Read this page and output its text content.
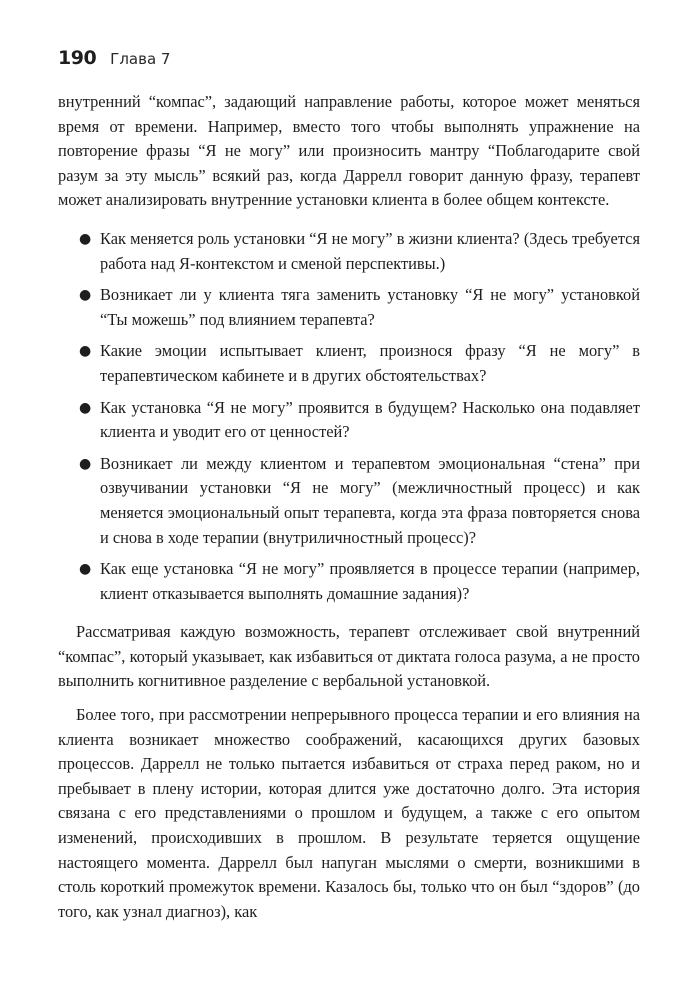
190 Глава 7

внутренний “компас”, задающий направление работы, которое может меняться время от времени. Например, вместо того чтобы выполнять упражнение на повторение фразы “Я не могу” или произносить мантру “Поблагодарите свой разум за эту мысль” всякий раз, когда Даррелл говорит данную фразу, терапевт может анализировать внутренние установки клиента в более общем контексте.

● Как меняется роль установки “Я не могу” в жизни клиента? (Здесь требуется работа над Я-контекстом и сменой перспективы.)
● Возникает ли у клиента тяга заменить установку “Я не могу” установкой “Ты можешь” под влиянием терапевта?
● Какие эмоции испытывает клиент, произнося фразу “Я не могу” в терапевтическом кабинете и в других обстоятельствах?
● Как установка “Я не могу” проявится в будущем? Насколько она подавляет клиента и уводит его от ценностей?
● Возникает ли между клиентом и терапевтом эмоциональная “стена” при озвучивании установки “Я не могу” (межличностный процесс) и как меняется эмоциональный опыт терапевта, когда эта фраза повторяется снова и снова в ходе терапии (внутриличностный процесс)?
● Как еще установка “Я не могу” проявляется в процессе терапии (например, клиент отказывается выполнять домашние задания)?

Рассматривая каждую возможность, терапевт отслеживает свой внутренний “компас”, который указывает, как избавиться от диктата голоса разума, а не просто выполнить когнитивное разделение с вербальной установкой.

Более того, при рассмотрении непрерывного процесса терапии и его влияния на клиента возникает множество соображений, касающихся других базовых процессов. Даррелл не только пытается избавиться от страха перед раком, но и пребывает в плену истории, которая длится уже достаточно долго. Эта история связана с его представлениями о прошлом и будущем, а также с его опытом изменений, происходивших в прошлом. В результате теряется ощущение настоящего момента. Даррелл был напуган мыслями о смерти, возникшими в столь короткий промежуток времени. Казалось бы, только что он был “здоров” (до того, как узнал диагноз), как
